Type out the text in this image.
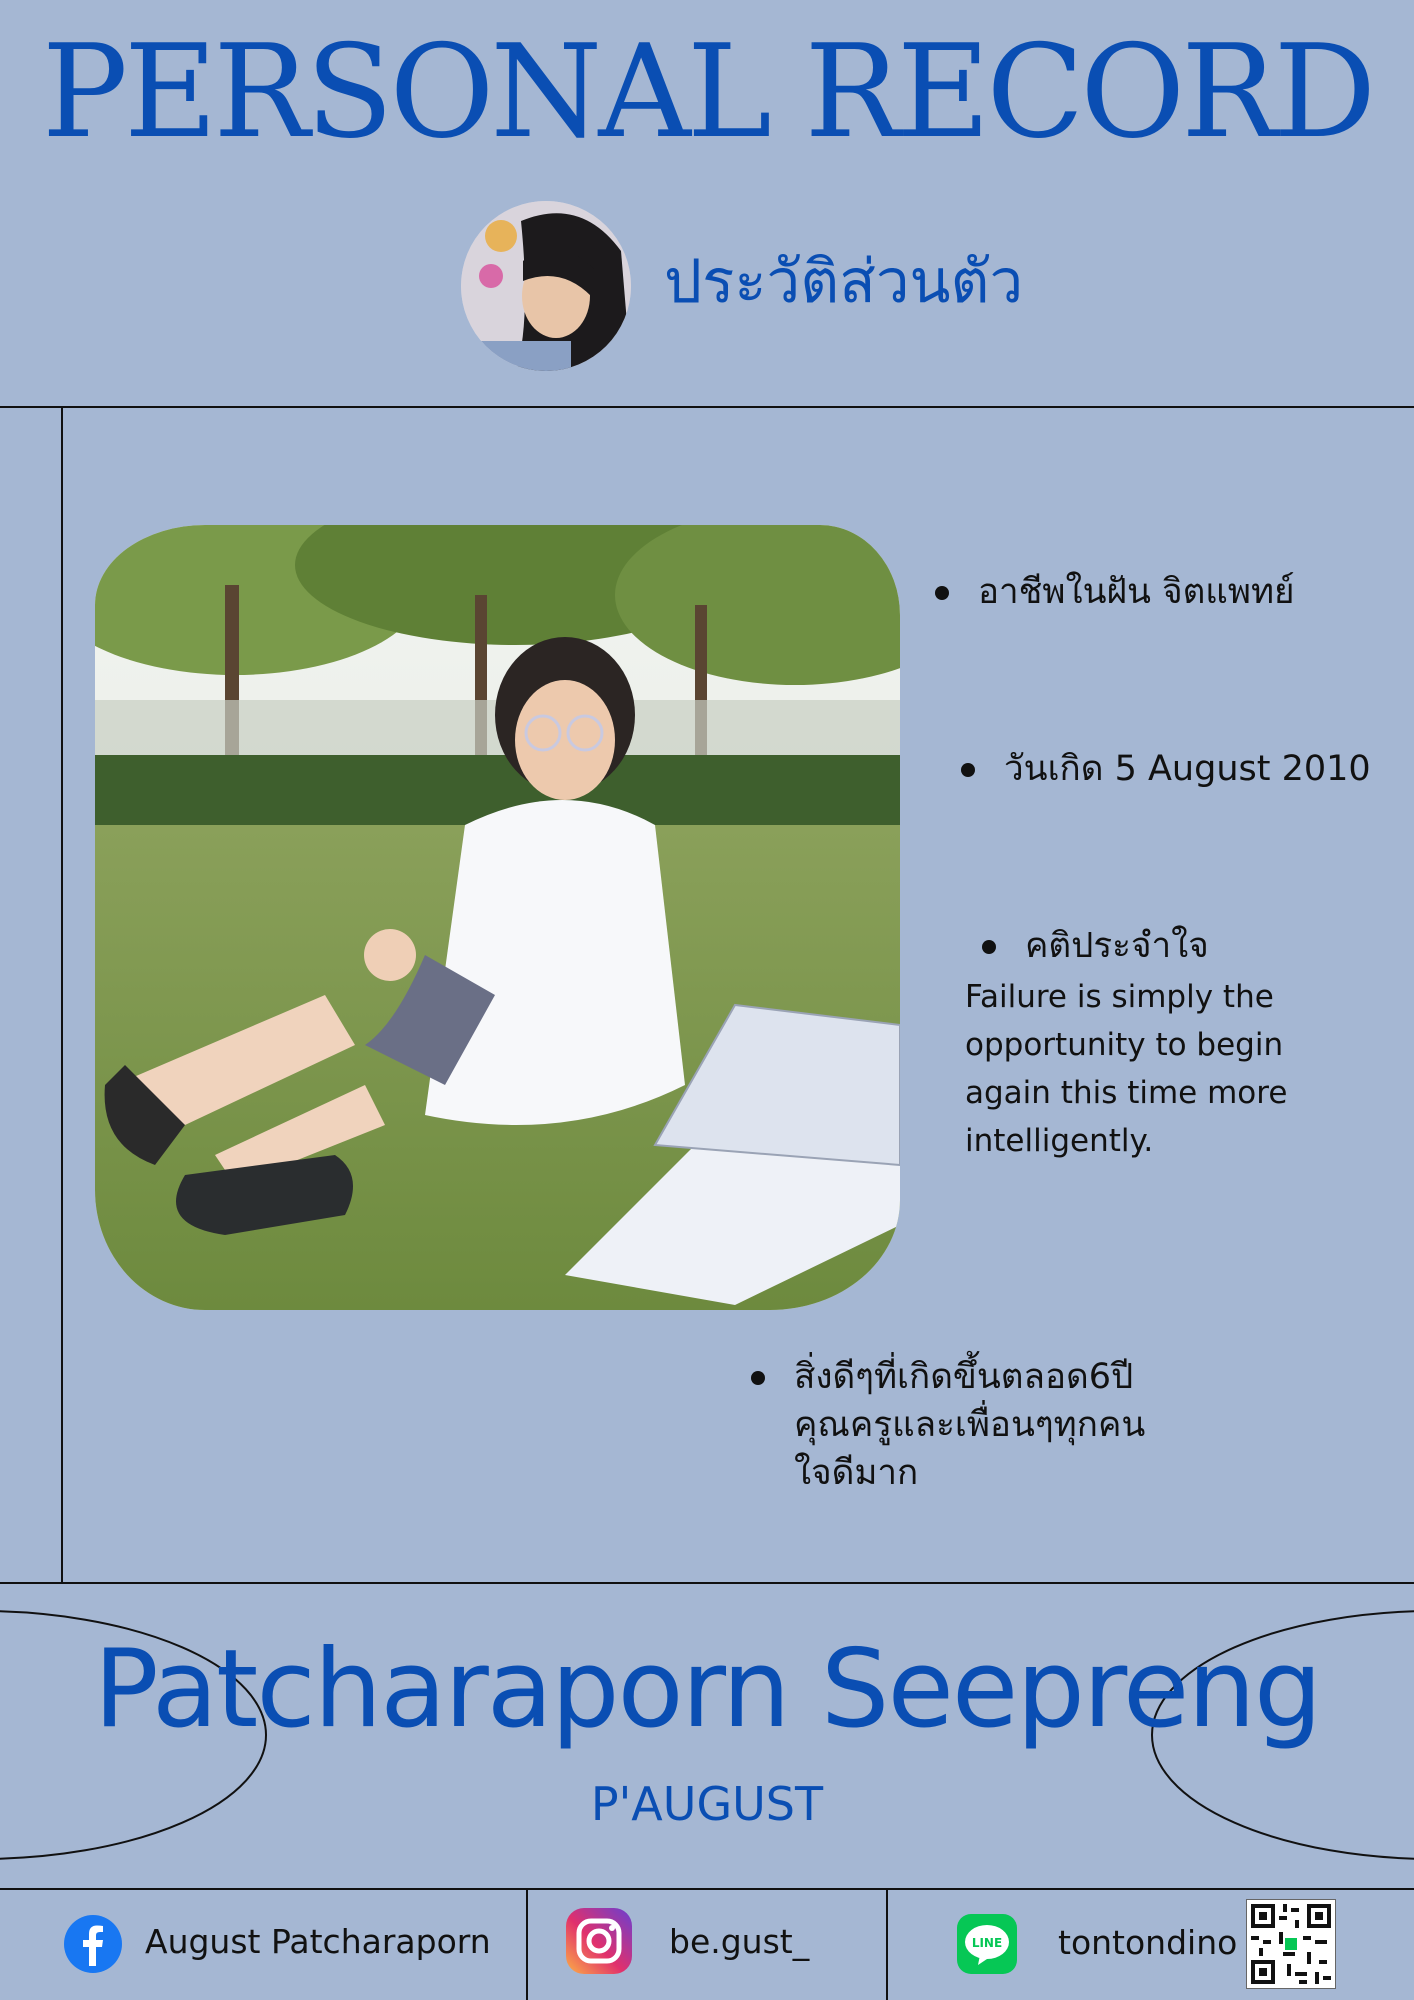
PERSONAL RECORD
ประวัติส่วนตัว
อาชีพในฝัน จิตแพทย์
วันเกิด 5 August 2010
คติประจำใจ
Failure is simply the
opportunity to begin
again this time more
intelligently.
สิ่งดีๆที่เกิดขึ้นตลอด6ปี
คุณครูและเพื่อนๆทุกคน
ใจดีมาก
Patcharaporn Seepreng
P'AUGUST
August Patcharaporn	be.gust_	LINE tontondino
